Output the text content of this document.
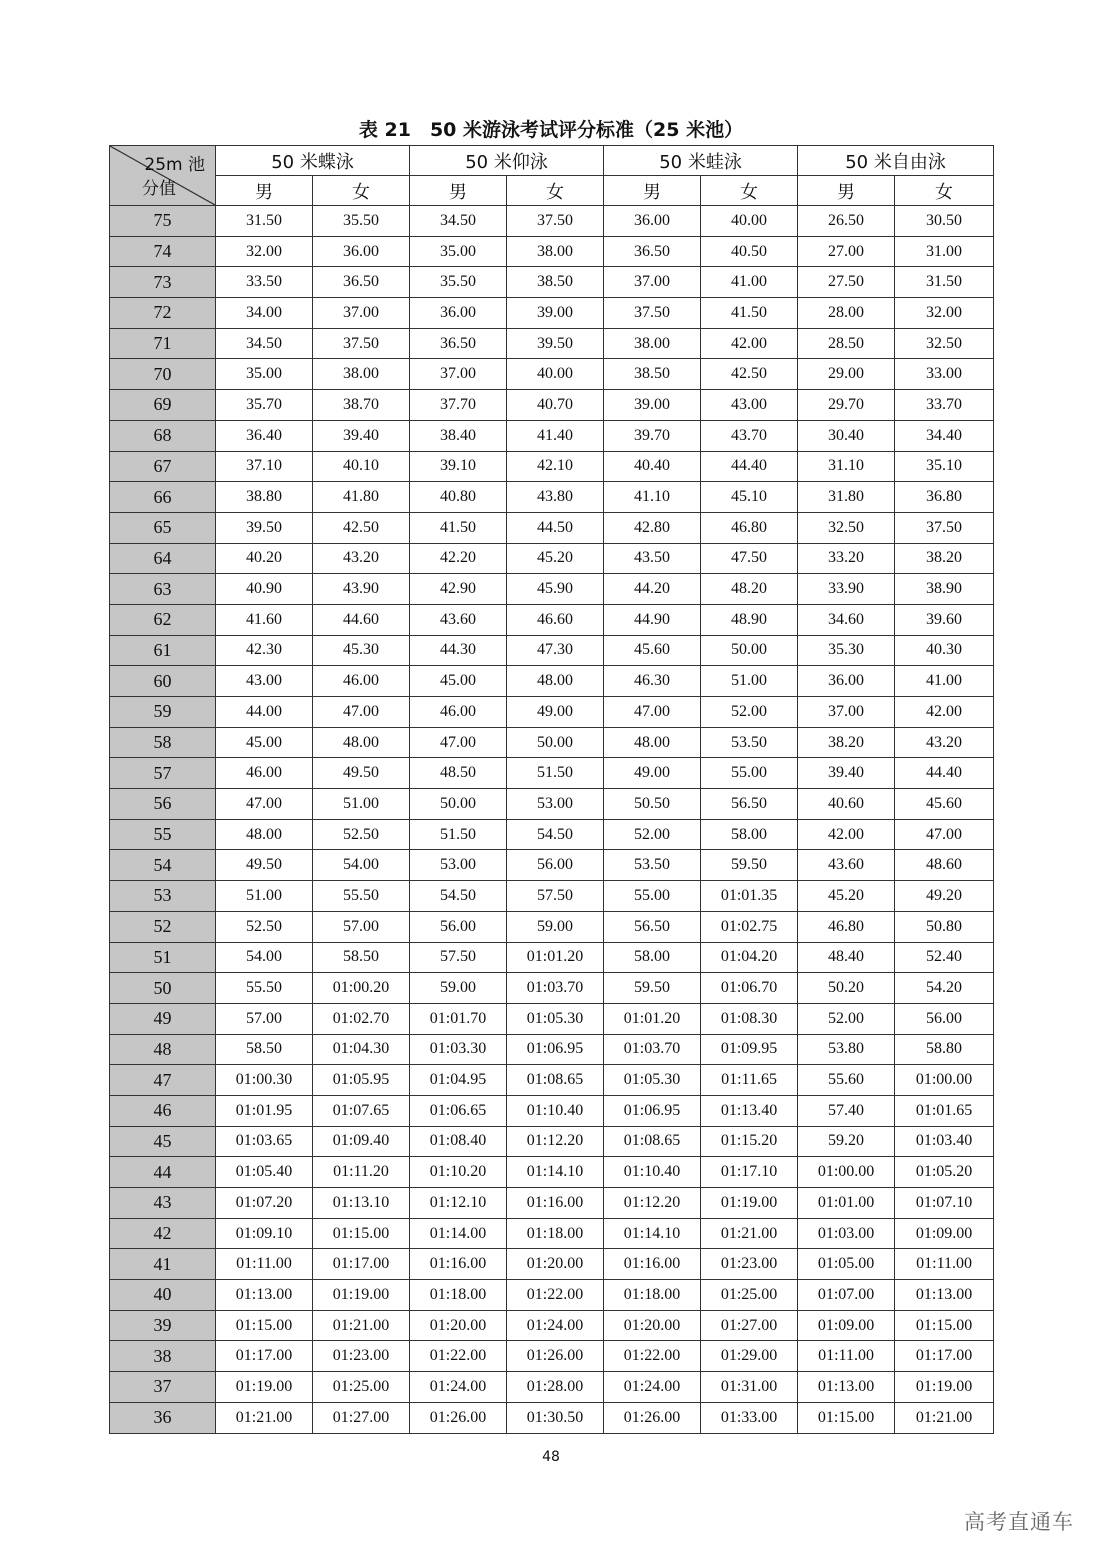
表 21　50 米游泳考试评分标准（25 米池）
25m 池
分值	50 米蝶泳		50 米仰泳		50 米蛙泳		50 米自由泳	
	男	女	男	女	男	女	男	女
75	31.50	35.50	34.50	37.50	36.00	40.00	26.50	30.50
74	32.00	36.00	35.00	38.00	36.50	40.50	27.00	31.00
73	33.50	36.50	35.50	38.50	37.00	41.00	27.50	31.50
72	34.00	37.00	36.00	39.00	37.50	41.50	28.00	32.00
71	34.50	37.50	36.50	39.50	38.00	42.00	28.50	32.50
70	35.00	38.00	37.00	40.00	38.50	42.50	29.00	33.00
69	35.70	38.70	37.70	40.70	39.00	43.00	29.70	33.70
68	36.40	39.40	38.40	41.40	39.70	43.70	30.40	34.40
67	37.10	40.10	39.10	42.10	40.40	44.40	31.10	35.10
66	38.80	41.80	40.80	43.80	41.10	45.10	31.80	36.80
65	39.50	42.50	41.50	44.50	42.80	46.80	32.50	37.50
64	40.20	43.20	42.20	45.20	43.50	47.50	33.20	38.20
63	40.90	43.90	42.90	45.90	44.20	48.20	33.90	38.90
62	41.60	44.60	43.60	46.60	44.90	48.90	34.60	39.60
61	42.30	45.30	44.30	47.30	45.60	50.00	35.30	40.30
60	43.00	46.00	45.00	48.00	46.30	51.00	36.00	41.00
59	44.00	47.00	46.00	49.00	47.00	52.00	37.00	42.00
58	45.00	48.00	47.00	50.00	48.00	53.50	38.20	43.20
57	46.00	49.50	48.50	51.50	49.00	55.00	39.40	44.40
56	47.00	51.00	50.00	53.00	50.50	56.50	40.60	45.60
55	48.00	52.50	51.50	54.50	52.00	58.00	42.00	47.00
54	49.50	54.00	53.00	56.00	53.50	59.50	43.60	48.60
53	51.00	55.50	54.50	57.50	55.00	01:01.35	45.20	49.20
52	52.50	57.00	56.00	59.00	56.50	01:02.75	46.80	50.80
51	54.00	58.50	57.50	01:01.20	58.00	01:04.20	48.40	52.40
50	55.50	01:00.20	59.00	01:03.70	59.50	01:06.70	50.20	54.20
49	57.00	01:02.70	01:01.70	01:05.30	01:01.20	01:08.30	52.00	56.00
48	58.50	01:04.30	01:03.30	01:06.95	01:03.70	01:09.95	53.80	58.80
47	01:00.30	01:05.95	01:04.95	01:08.65	01:05.30	01:11.65	55.60	01:00.00
46	01:01.95	01:07.65	01:06.65	01:10.40	01:06.95	01:13.40	57.40	01:01.65
45	01:03.65	01:09.40	01:08.40	01:12.20	01:08.65	01:15.20	59.20	01:03.40
44	01:05.40	01:11.20	01:10.20	01:14.10	01:10.40	01:17.10	01:00.00	01:05.20
43	01:07.20	01:13.10	01:12.10	01:16.00	01:12.20	01:19.00	01:01.00	01:07.10
42	01:09.10	01:15.00	01:14.00	01:18.00	01:14.10	01:21.00	01:03.00	01:09.00
41	01:11.00	01:17.00	01:16.00	01:20.00	01:16.00	01:23.00	01:05.00	01:11.00
40	01:13.00	01:19.00	01:18.00	01:22.00	01:18.00	01:25.00	01:07.00	01:13.00
39	01:15.00	01:21.00	01:20.00	01:24.00	01:20.00	01:27.00	01:09.00	01:15.00
38	01:17.00	01:23.00	01:22.00	01:26.00	01:22.00	01:29.00	01:11.00	01:17.00
37	01:19.00	01:25.00	01:24.00	01:28.00	01:24.00	01:31.00	01:13.00	01:19.00
36	01:21.00	01:27.00	01:26.00	01:30.50	01:26.00	01:33.00	01:15.00	01:21.00
48
高考直通车
